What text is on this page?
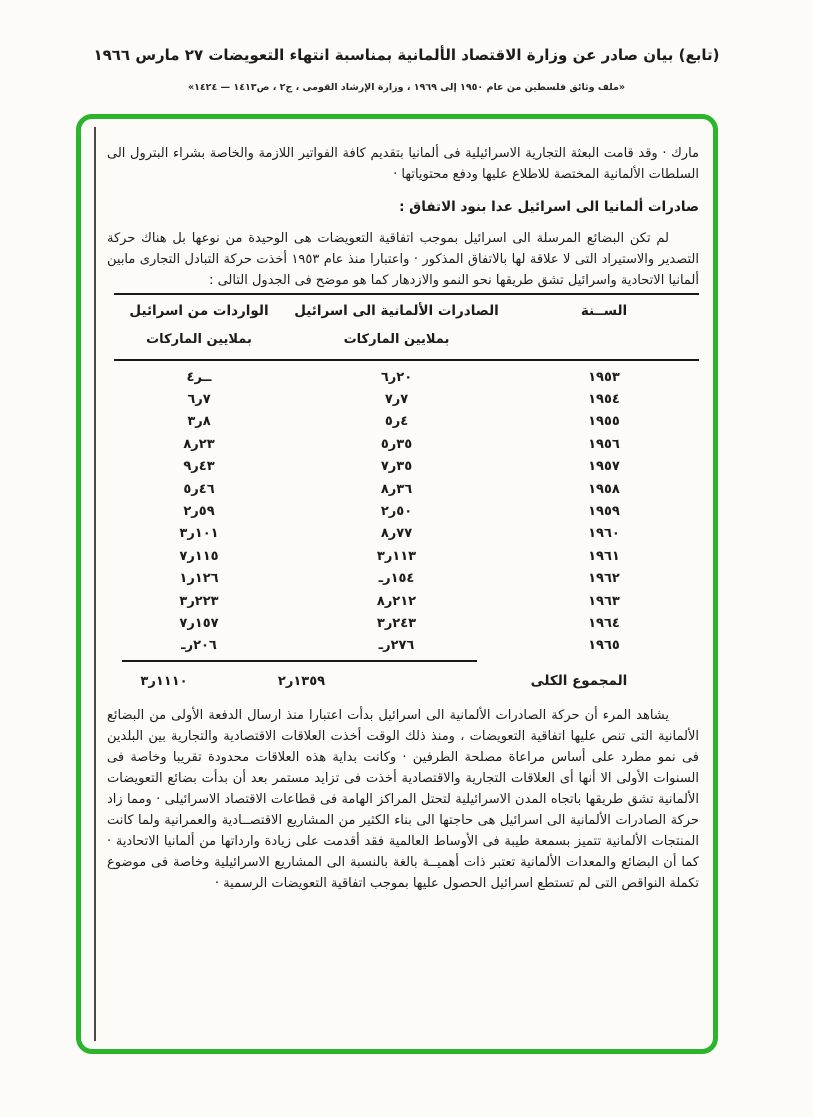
(تابع) بيان صادر عن وزارة الاقتصاد الألمانية بمناسبة انتهاء التعويضات ٢٧ مارس ١٩٦٦
«ملف وثائق فلسطين من عام ١٩٥٠ إلى ١٩٦٩ ، وزارة الإرشاد القومى ، ج٢ ، ص١٤١٣ — ١٤٢٤»

مارك · وقد قامت البعثة التجارية الاسرائيلية فى ألمانيا بتقديم كافة الفواتير اللازمة والخاصة بشراء البترول الى السلطات الألمانية المختصة للاطلاع عليها ودفع محتوياتها ·

صادرات ألمانيا الى اسرائيل عدا بنود الاتفاق :

لم تكن البضائع المرسلة الى اسرائيل بموجب اتفاقية التعويضات هى الوحيدة من نوعها بل هناك حركة التصدير والاستيراد التى لا علاقة لها بالاتفاق المذكور · واعتبارا منذ عام ١٩٥٣ أخذت حركة التبادل التجارى مابين ألمانيا الاتحادية واسرائيل تشق طريقها نحو النمو والازدهار كما هو موضح فى الجدول التالى :

الســنة
الصادرات الألمانية الى اسرائيل
بملايين الماركات
الواردات من اسرائيل
بملايين الماركات
١٩٥٣
٢٠ر٦
ــر٤
١٩٥٤
٧ر٧
٧ر٦
١٩٥٥
٤ر٥
٨ر٣
١٩٥٦
٣٥ر٥
٢٣ر٨
١٩٥٧
٣٥ر٧
٤٣ر٩
١٩٥٨
٣٦ر٨
٤٦ر٥
١٩٥٩
٥٠ر٢
٥٩ر٢
١٩٦٠
٧٧ر٨
١٠١ر٣
١٩٦١
١١٣ر٣
١١٥ر٧
١٩٦٢
١٥٤رـ
١٢٦ر١
١٩٦٣
٢١٢ر٨
٢٢٣ر٣
١٩٦٤
٢٤٣ر٣
١٥٧ر٧
١٩٦٥
٢٧٦رـ
٢٠٦رـ
المجموع الكلى
١٣٥٩ر٢
١١١٠ر٣

يشاهد المرء أن حركة الصادرات الألمانية الى اسرائيل بدأت اعتبارا منذ ارسال الدفعة الأولى من البضائع الألمانية التى تنص عليها اتفاقية التعويضات ، ومنذ ذلك الوقت أخذت العلاقات الاقتصادية والتجارية بين البلدين فى نمو مطرد على أساس مراعاة مصلحة الطرفين · وكانت بداية هذه العلاقات محدودة تقريبا وخاصة فى السنوات الأولى الا أنها أى العلاقات التجارية والاقتصادية أخذت فى تزايد مستمر بعد أن بدأت بضائع التعويضات الألمانية تشق طريقها باتجاه المدن الاسرائيلية لتحتل المراكز الهامة فى قطاعات الاقتصاد الاسرائيلى · ومما زاد حركة الصادرات الألمانية الى اسرائيل هى حاجتها الى بناء الكثير من المشاريع الاقتصــادية والعمرانية ولما كانت المنتجات الألمانية تتميز بسمعة طيبة فى الأوساط العالمية فقد أقدمت على زيادة وارداتها من ألمانيا الاتحادية · كما أن البضائع والمعدات الألمانية تعتبر ذات أهميــة بالغة بالنسبة الى المشاريع الاسرائيلية وخاصة فى موضوع تكملة النواقص التى لم تستطع اسرائيل الحصول عليها بموجب اتفاقية التعويضات الرسمية ·
